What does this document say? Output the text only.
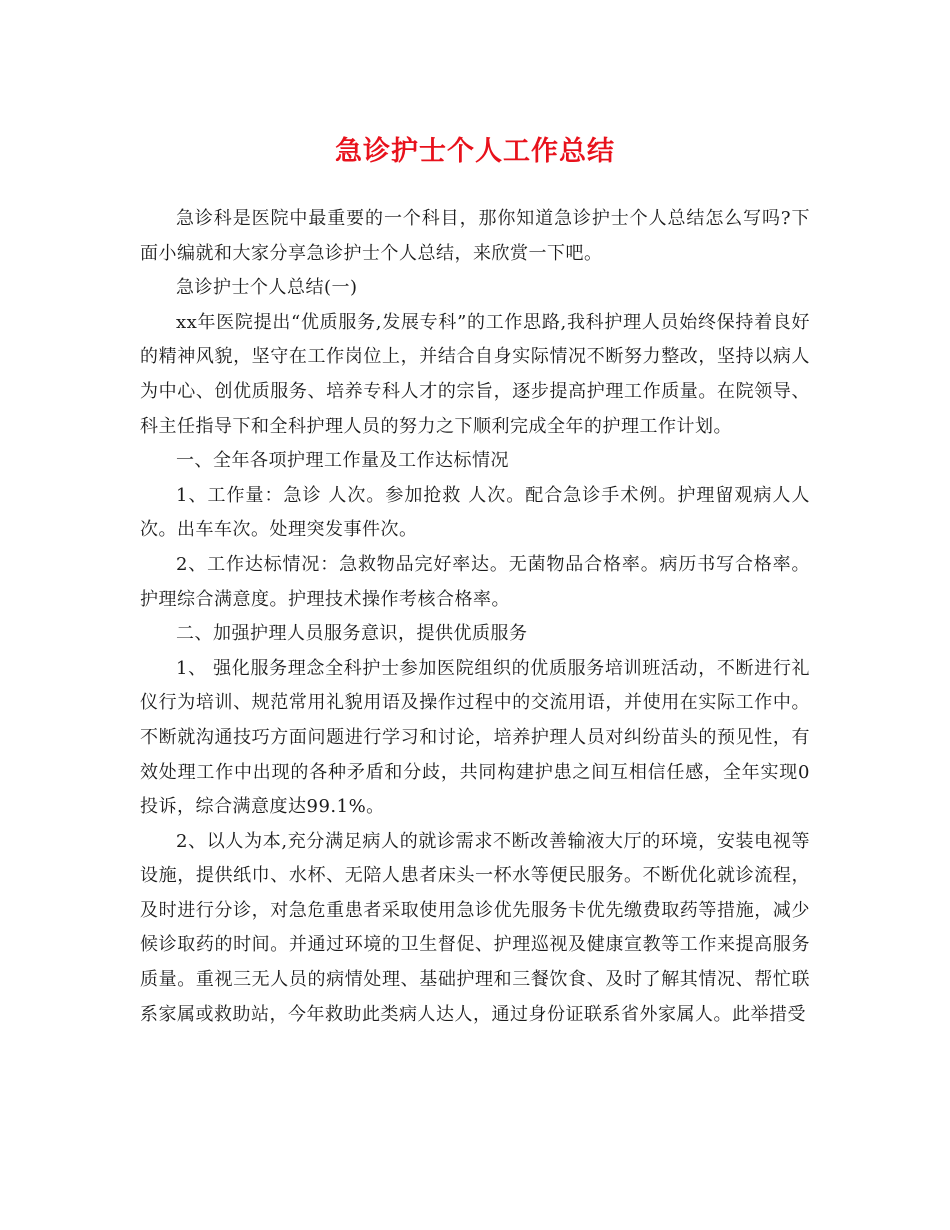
急诊护士个人工作总结

急诊科是医院中最重要的一个科目，那你知道急诊护士个人总结怎么写吗?下面小编就和大家分享急诊护士个人总结，来欣赏一下吧。

急诊护士个人总结(一)

xx年医院提出“优质服务,发展专科”的工作思路,我科护理人员始终保持着良好的精神风貌，坚守在工作岗位上，并结合自身实际情况不断努力整改，坚持以病人为中心、创优质服务、培养专科人才的宗旨，逐步提高护理工作质量。在院领导、科主任指导下和全科护理人员的努力之下顺利完成全年的护理工作计划。

一、全年各项护理工作量及工作达标情况

1、工作量：急诊 人次。参加抢救 人次。配合急诊手术例。护理留观病人人次。出车车次。处理突发事件次。

2、工作达标情况：急救物品完好率达。无菌物品合格率。病历书写合格率。护理综合满意度。护理技术操作考核合格率。

二、加强护理人员服务意识，提供优质服务

1、 强化服务理念全科护士参加医院组织的优质服务培训班活动，不断进行礼仪行为培训、规范常用礼貌用语及操作过程中的交流用语，并使用在实际工作中。不断就沟通技巧方面问题进行学习和讨论，培养护理人员对纠纷苗头的预见性，有效处理工作中出现的各种矛盾和分歧，共同构建护患之间互相信任感，全年实现0投诉，综合满意度达99.1%。

2、以人为本,充分满足病人的就诊需求不断改善输液大厅的环境，安装电视等设施，提供纸巾、水杯、无陪人患者床头一杯水等便民服务。不断优化就诊流程，及时进行分诊，对急危重患者采取使用急诊优先服务卡优先缴费取药等措施，减少候诊取药的时间。并通过环境的卫生督促、护理巡视及健康宣教等工作来提高服务质量。重视三无人员的病情处理、基础护理和三餐饮食、及时了解其情况、帮忙联系家属或救助站，今年救助此类病人达人，通过身份证联系省外家属人。此举措受
